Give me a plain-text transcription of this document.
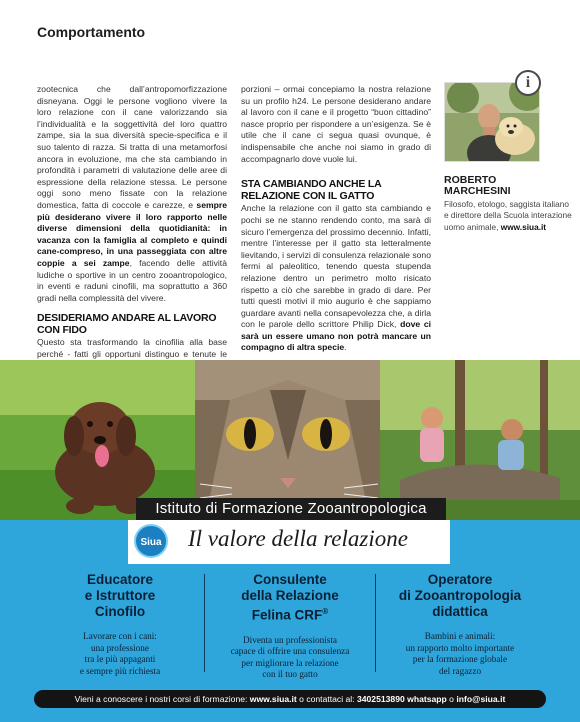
Comportamento

zootecnica che dall’antropomorfizzazione disneyana. Oggi le persone vogliono vivere la loro relazione con il cane valorizzando sia l’individualità e la soggettività del loro quattro zampe, sia la sua diversità specie-specifica e il suo talento di razza. Si tratta di una metamorfosi ancora in evoluzione, ma che sta cambiando in profondità i parametri di valutazione delle aree di espressione della relazione stessa. Le persone oggi sono meno fissate con la relazione domestica, fatta di coccole e carezze, e sempre più desiderano vivere il loro rapporto nelle diverse dimensioni della quotidianità: in vacanza con la famiglia al completo e quindi cane-compreso, in una passeggiata con altre coppie a sei zampe, facendo delle attività ludiche o sportive in un centro zooantropologico, in eventi e raduni cinofili, ma soprattutto a 360 gradi nella complessità del vivere.

DESIDERIAMO ANDARE AL LAVORO CON FIDO

Questo sta trasformando la cinofilia alla base perché - fatti gli opportuni distinguo e tenute le

porzioni – ormai concepiamo la nostra relazione su un profilo h24. Le persone desiderano andare al lavoro con il cane e il progetto “buon cittadino” nasce proprio per rispondere a un’esigenza. Se è utile che il cane ci segua quasi ovunque, è indispensabile che anche noi siamo in grado di accompagnarlo dove vuole lui.

STA CAMBIANDO ANCHE LA RELAZIONE CON IL GATTO

Anche la relazione con il gatto sta cambiando e pochi se ne stanno rendendo conto, ma sarà di sicuro l’emergenza del prossimo decennio. Infatti, mentre l’interesse per il gatto sta letteralmente lievitando, i servizi di consulenza relazionale sono fermi al paleolitico, tenendo questa stupenda relazione dentro un perimetro molto risicato rispetto a ciò che sarebbe in grado di dare. Per tutti questi motivi il mio augurio è che sappiamo guardare avanti nella consapevolezza che, a dirla con le parole dello scrittore Philip Dick, dove ci sarà un essere umano non potrà mancare un compagno di altra specie.

i
ROBERTO MARCHESINI
Filosofo, etologo, saggista italiano e direttore della Scuola interazione uomo animale, www.siua.it
Istituto di Formazione Zooantropologica
Siua Il valore della relazione
Educatore
e Istruttore
Cinofilo

Lavorare con i cani:
una professione
tra le più appaganti
e sempre più richiesta

Consulente
della Relazione
Felina CRF®

Diventa un professionista
capace di offrire una consulenza
per migliorare la relazione
con il tuo gatto

Operatore
di Zooantropologia
didattica

Bambini e animali:
un rapporto molto importante
per la formazione globale
del ragazzo

Vieni a conoscere i nostri corsi di formazione: www.siua.it o contattaci al: 3402513890 whatsapp o info@siua.it
